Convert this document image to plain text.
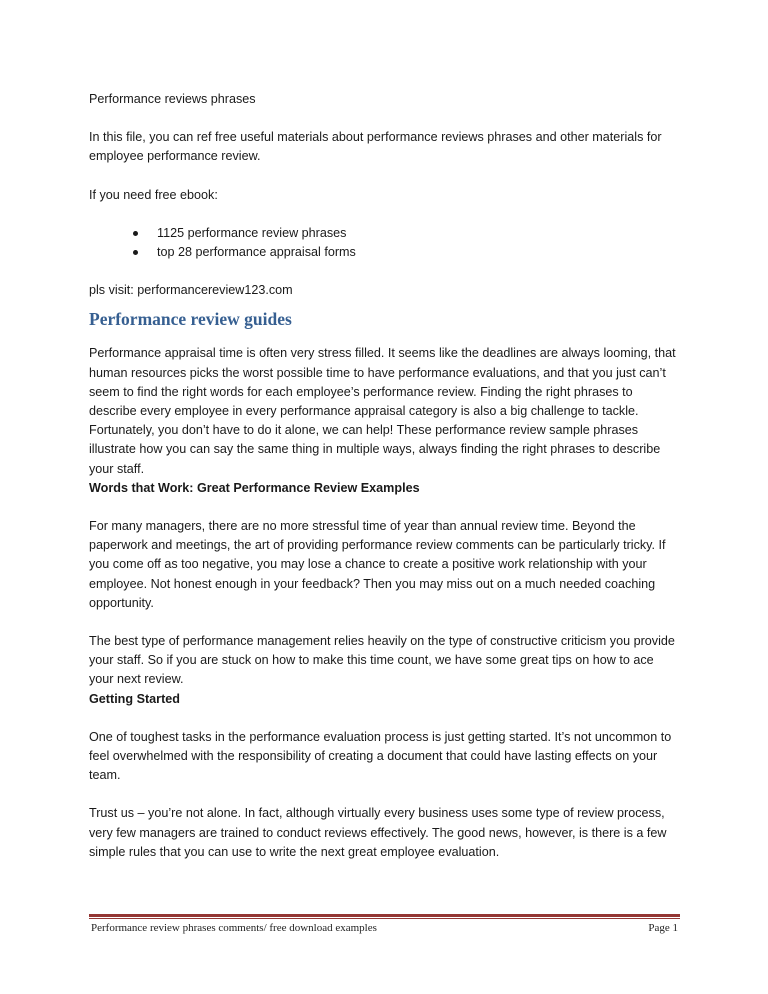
Performance reviews phrases

In this file, you can ref free useful materials about performance reviews phrases and other materials for employee performance review.

If you need free ebook:

1125 performance review phrases
top 28 performance appraisal forms

pls visit: performancereview123.com

Performance review guides

Performance appraisal time is often very stress filled. It seems like the deadlines are always looming, that human resources picks the worst possible time to have performance evaluations, and that you just can’t seem to find the right words for each employee’s performance review. Finding the right phrases to describe every employee in every performance appraisal category is also a big challenge to tackle. Fortunately, you don’t have to do it alone, we can help! These performance review sample phrases illustrate how you can say the same thing in multiple ways, always finding the right phrases to describe your staff.

Words that Work: Great Performance Review Examples

For many managers, there are no more stressful time of year than annual review time. Beyond the paperwork and meetings, the art of providing performance review comments can be particularly tricky. If you come off as too negative, you may lose a chance to create a positive work relationship with your employee. Not honest enough in your feedback? Then you may miss out on a much needed coaching opportunity.

The best type of performance management relies heavily on the type of constructive criticism you provide your staff. So if you are stuck on how to make this time count, we have some great tips on how to ace your next review.

Getting Started

One of toughest tasks in the performance evaluation process is just getting started. It’s not uncommon to feel overwhelmed with the responsibility of creating a document that could have lasting effects on your team.

Trust us – you’re not alone. In fact, although virtually every business uses some type of review process, very few managers are trained to conduct reviews effectively. The good news, however, is there is a few simple rules that you can use to write the next great employee evaluation.

Performance review phrases comments/ free download examples	Page 1
